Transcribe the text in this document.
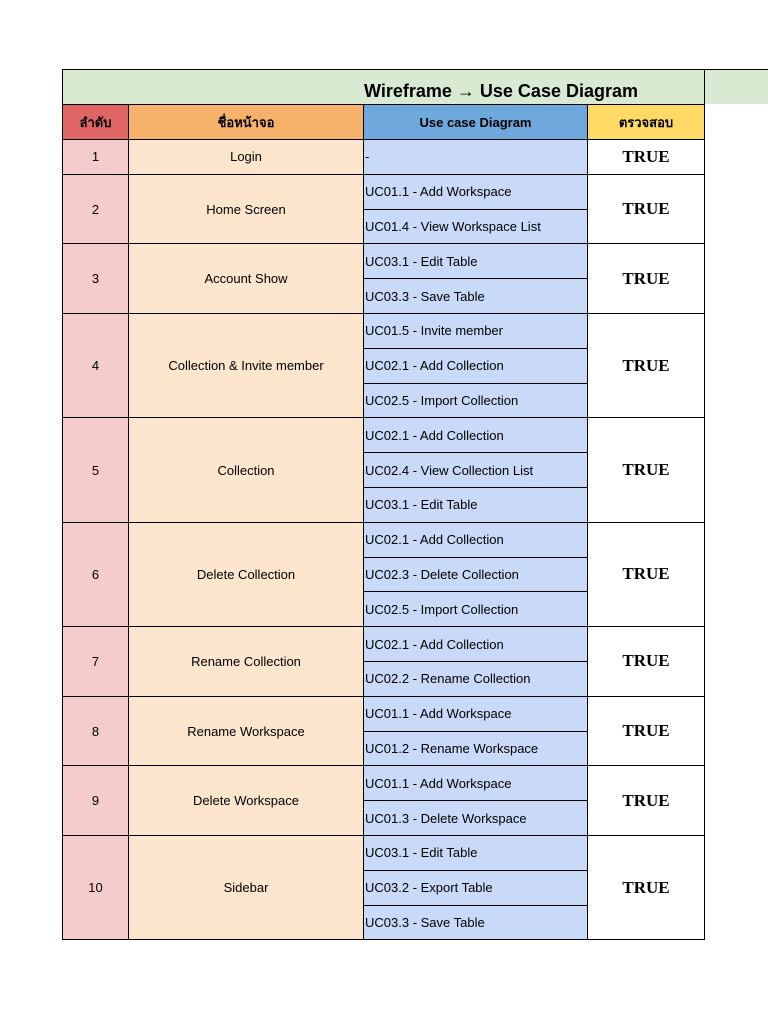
Wireframe → Use Case Diagram
ลำดับ	ชื่อหน้าจอ	Use case Diagram	ตรวจสอบ
1	Login	-	TRUE
2	Home Screen	UC01.1 - Add Workspace	TRUE
		UC01.4 - View Workspace List	
3	Account Show	UC03.1 - Edit Table	TRUE
		UC03.3 - Save Table	
4	Collection & Invite member	UC01.5 - Invite member	TRUE
		UC02.1 - Add Collection	
		UC02.5 - Import Collection	
5	Collection	UC02.1 - Add Collection	TRUE
		UC02.4 - View Collection List	
		UC03.1 - Edit Table	
6	Delete Collection	UC02.1 - Add Collection	TRUE
		UC02.3 - Delete Collection	
		UC02.5 - Import Collection	
7	Rename Collection	UC02.1 - Add Collection	TRUE
		UC02.2 - Rename Collection	
8	Rename Workspace	UC01.1 - Add Workspace	TRUE
		UC01.2 - Rename Workspace	
9	Delete Workspace	UC01.1 - Add Workspace	TRUE
		UC01.3 - Delete Workspace	
10	Sidebar	UC03.1 - Edit Table	TRUE
		UC03.2 - Export Table	
		UC03.3 - Save Table	
